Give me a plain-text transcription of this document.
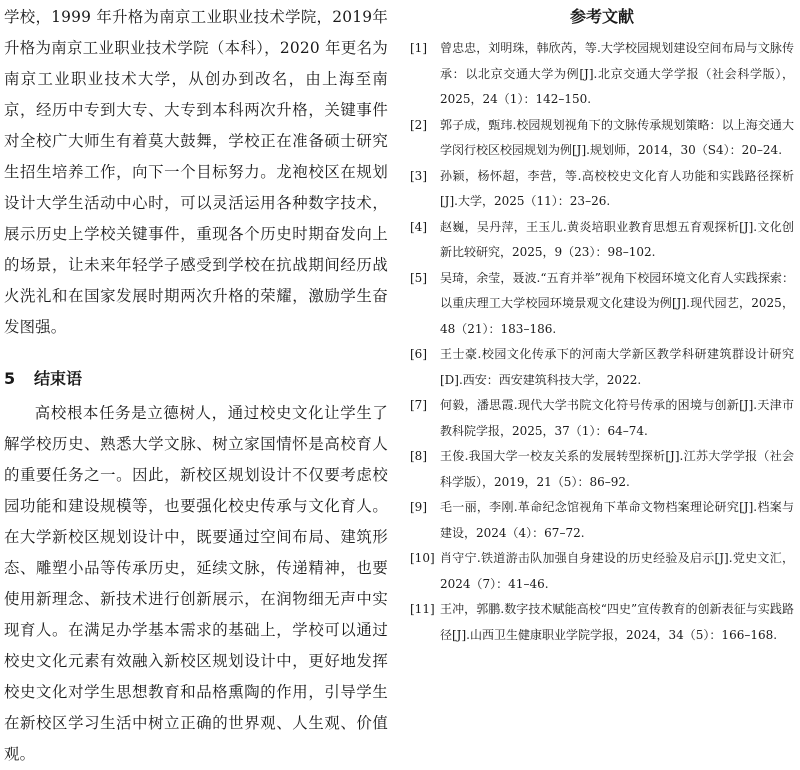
学校，1999 年升格为南京工业职业技术学院，2019年升格为南京工业职业技术学院（本科），2020 年更名为南京工业职业技术大学，从创办到改名，由上海至南京，经历中专到大专、大专到本科两次升格，关键事件对全校广大师生有着莫大鼓舞，学校正在准备硕士研究生招生培养工作，向下一个目标努力。龙袍校区在规划设计大学生活动中心时，可以灵活运用各种数字技术，展示历史上学校关键事件，重现各个历史时期奋发向上的场景，让未来年轻学子感受到学校在抗战期间经历战火洗礼和在国家发展时期两次升格的荣耀，激励学生奋发图强。

5 结束语

高校根本任务是立德树人，通过校史文化让学生了解学校历史、熟悉大学文脉、树立家国情怀是高校育人的重要任务之一。因此，新校区规划设计不仅要考虑校园功能和建设规模等，也要强化校史传承与文化育人。在大学新校区规划设计中，既要通过空间布局、建筑形态、雕塑小品等传承历史，延续文脉，传递精神，也要使用新理念、新技术进行创新展示，在润物细无声中实现育人。在满足办学基本需求的基础上，学校可以通过校史文化元素有效融入新校区规划设计中，更好地发挥校史文化对学生思想教育和品格熏陶的作用，引导学生在新校区学习生活中树立正确的世界观、人生观、价值观。

参考文献
[1] 曾忠忠，刘明珠，韩欣芮，等.大学校园规划建设空间布局与文脉传承：以北京交通大学为例[J].北京交通大学学报（社会科学版），2025，24（1）：142–150.
[2] 郭子成，甄玮.校园规划视角下的文脉传承规划策略：以上海交通大学闵行校区校园规划为例[J].规划师，2014，30（S4）：20–24.
[3] 孙颖，杨怀超，李营，等.高校校史文化育人功能和实践路径探析[J].大学，2025（11）：23–26.
[4] 赵巍，吴丹萍，王玉儿.黄炎培职业教育思想五育观探析[J].文化创新比较研究，2025，9（23）：98–102.
[5] 吴琦，余莹，聂波.“五育并举”视角下校园环境文化育人实践探索：以重庆理工大学校园环境景观文化建设为例[J].现代园艺，2025，48（21）：183–186.
[6] 王士豪.校园文化传承下的河南大学新区教学科研建筑群设计研究[D].西安：西安建筑科技大学，2022.
[7] 何毅，潘思霞.现代大学书院文化符号传承的困境与创新[J].天津市教科院学报，2025，37（1）：64–74.
[8] 王俊.我国大学一校友关系的发展转型探析[J].江苏大学学报（社会科学版），2019，21（5）：86–92.
[9] 毛一丽，李刚.革命纪念馆视角下革命文物档案理论研究[J].档案与建设，2024（4）：67–72.
[10] 肖守宁.铁道游击队加强自身建设的历史经验及启示[J].党史文汇，2024（7）：41–46.
[11] 王冲，郭鹏.数字技术赋能高校“四史”宣传教育的创新表征与实践路径[J].山西卫生健康职业学院学报，2024，34（5）：166–168.
